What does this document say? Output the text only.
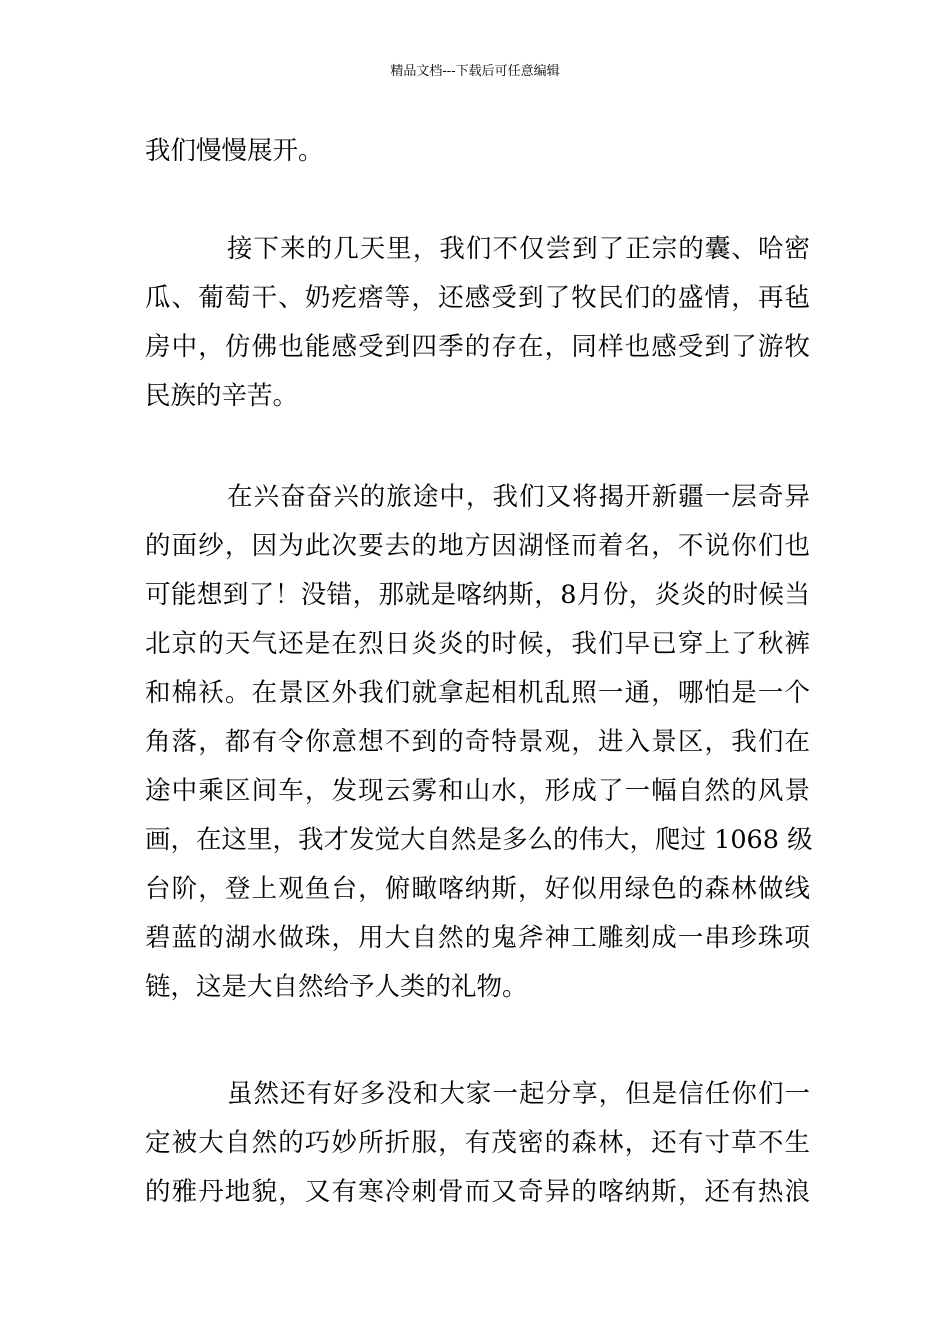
精品文档---下载后可任意编辑
我们慢慢展开。
接下来的几天里，我们不仅尝到了正宗的囊、哈密
瓜、葡萄干、奶疙瘩等，还感受到了牧民们的盛情，再毡
房中，仿佛也能感受到四季的存在，同样也感受到了游牧
民族的辛苦。
在兴奋奋兴的旅途中，我们又将揭开新疆一层奇异
的面纱，因为此次要去的地方因湖怪而着名，不说你们也
可能想到了！没错，那就是喀纳斯，8月份，炎炎的时候当
北京的天气还是在烈日炎炎的时候，我们早已穿上了秋裤
和棉袄。在景区外我们就拿起相机乱照一通，哪怕是一个
角落，都有令你意想不到的奇特景观，进入景区，我们在
途中乘区间车，发现云雾和山水，形成了一幅自然的风景
画，在这里，我才发觉大自然是多么的伟大，爬过 1068 级
台阶，登上观鱼台，俯瞰喀纳斯，好似用绿色的森林做线
碧蓝的湖水做珠，用大自然的鬼斧神工雕刻成一串珍珠项
链，这是大自然给予人类的礼物。
虽然还有好多没和大家一起分享，但是信任你们一
定被大自然的巧妙所折服，有茂密的森林，还有寸草不生
的雅丹地貌，又有寒冷刺骨而又奇异的喀纳斯，还有热浪
